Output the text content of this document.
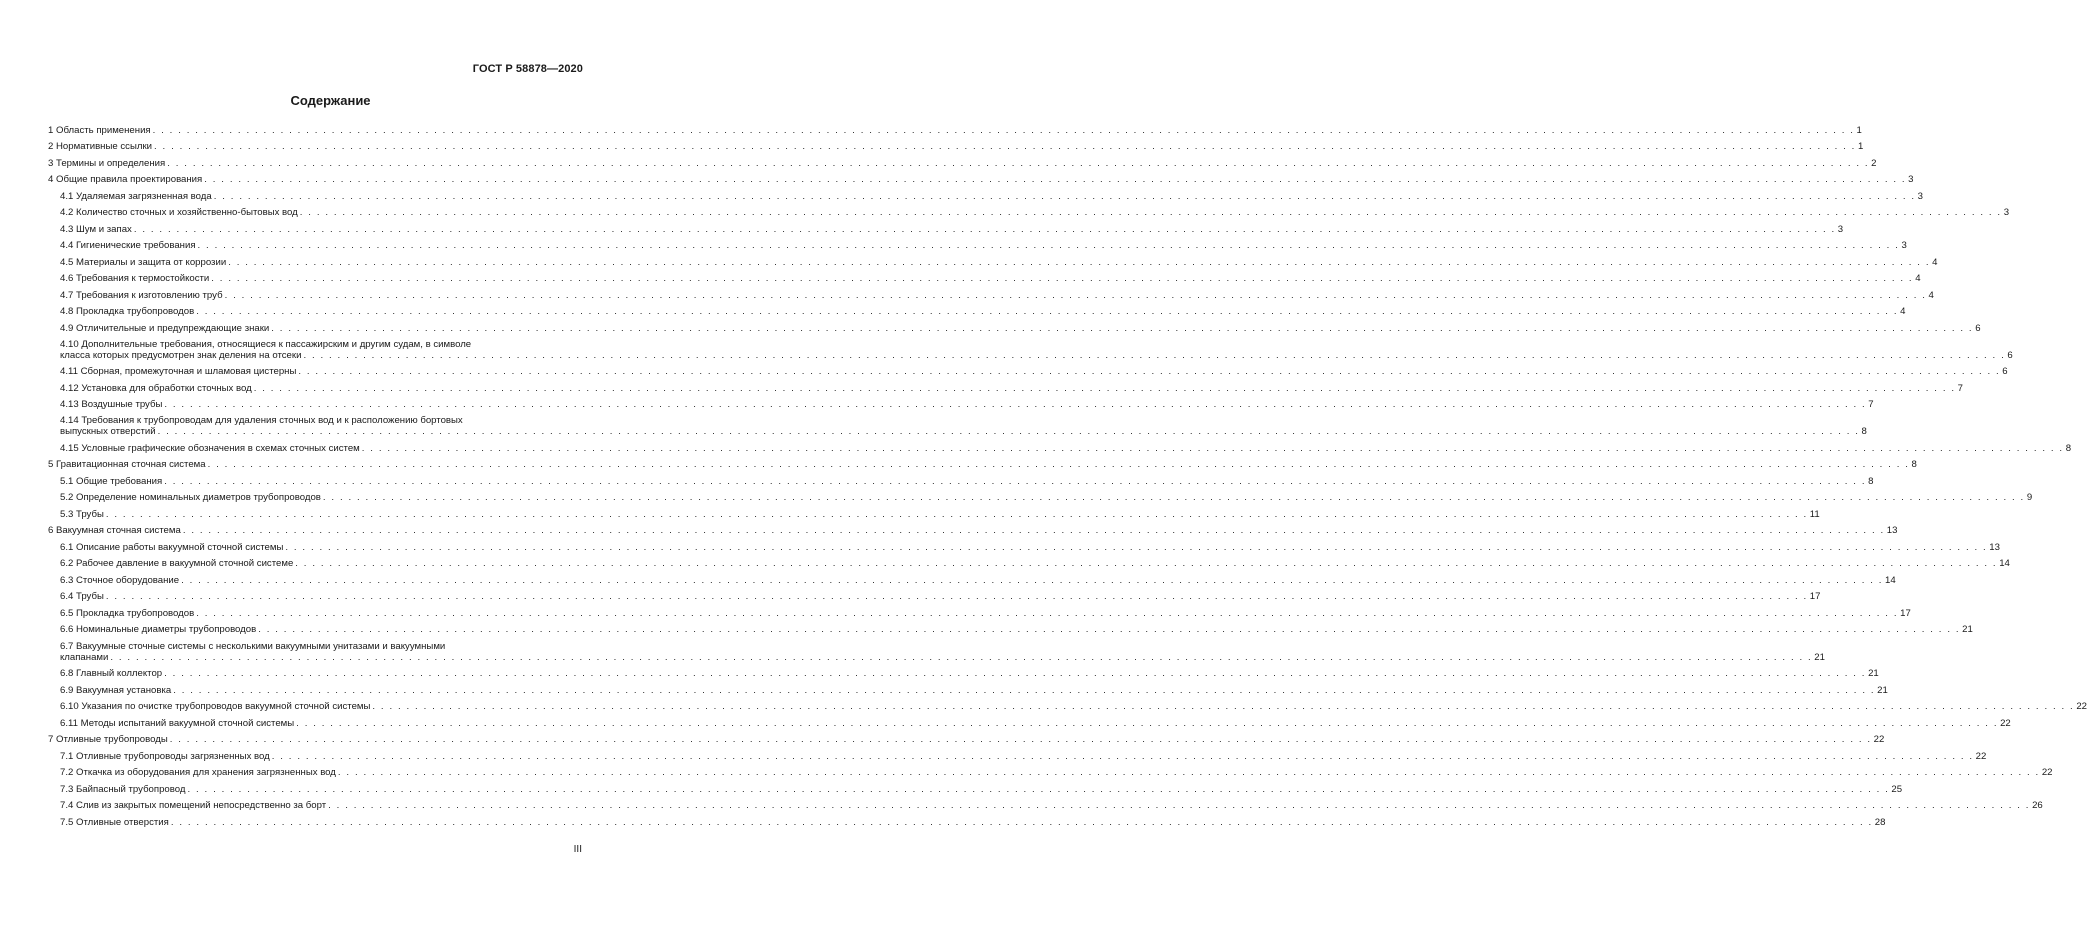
ГОСТ Р 58878—2020
Содержание
1 Область применения . . . . . . . . . . . . . . . . . . . . . . . . . . . . . . . . . . . . . . . . . . . . . . . . . . . . . . . . . . . . . . . . . . . . . . . . . . . . . . . . . . . . . . . . . . . . . . . . . . . . . . . . . . . . . . . . . . . . . . . . . . . . . . . . . . . . . . . . . . . . . . . . . . . . . . . . . . . . . . . . . . . . . . . . . . . . . . . . . . . . . . . . . . . . . . . . . . . . . . . . 1
2 Нормативные ссылки . . . . . . . . . . . . . . . . . . . . . . . . . . . . . . . . . . . . . . . . . . . . . . . . . . . . . . . . . . . . . . . . . . . . . . . . . . . . . . . . . . . . . . . . . . . . . . . . . . . . . . . . . . . . . . . . . . . . . . . . . . . . . . . . . . . . . . . . . . . . . . . . . . . . . . . . . . . . . . . . . . . . . . . . . . . . . . . . . . . . . . . . . . . . . . . . . . . . . . . . 1
3 Термины и определения . . . . . . . . . . . . . . . . . . . . . . . . . . . . . . . . . . . . . . . . . . . . . . . . . . . . . . . . . . . . . . . . . . . . . . . . . . . . . . . . . . . . . . . . . . . . . . . . . . . . . . . . . . . . . . . . . . . . . . . . . . . . . . . . . . . . . . . . . . . . . . . . . . . . . . . . . . . . . . . . . . . . . . . . . . . . . . . . . . . . . . . . . . . . . . . . . . . . . . . . 2
4 Общие правила проектирования . . . . . . . . . . . . . . . . . . . . . . . . . . . . . . . . . . . . . . . . . . . . . . . . . . . . . . . . . . . . . . . . . . . . . . . . . . . . . . . . . . . . . . . . . . . . . . . . . . . . . . . . . . . . . . . . . . . . . . . . . . . . . . . . . . . . . . . . . . . . . . . . . . . . . . . . . . . . . . . . . . . . . . . . . . . . . . . . . . . . . . . . . . . . . . . . . . . . . . . . 3
4.1 Удаляемая загрязненная вода . . . . . . . . . . . . . . . . . . . . . . . . . . . . . . . . . . . . . . . . . . . . . . . . . . . . . . . . . . . . . . . . . . . . . . . . . . . . . . . . . . . . . . . . . . . . . . . . . . . . . . . . . . . . . . . . . . . . . . . . . . . . . . . . . . . . . . . . . . . . . . . . . . . . . . . . . . . . . . . . . . . . . . . . . . . . . . . . . . . . . . . . . . . . . . . . . . . . . . . . 3
4.2 Количество сточных и хозяйственно-бытовых вод . . . . . . . . . . . . . . . . . . . . . . . . . . . . . . . . . . . . . . . . . . . . . . . . . . . . . . . . . . . . . . . . . . . . . . . . . . . . . . . . . . . . . . . . . . . . . . . . . . . . . . . . . . . . . . . . . . . . . . . . . . . . . . . . . . . . . . . . . . . . . . . . . . . . . . . . . . . . . . . . . . . . . . . . . . . . . . . . . . . . . . . . . . . . . . . . . . . . . . . . 3
4.3 Шум и запах . . . . . . . . . . . . . . . . . . . . . . . . . . . . . . . . . . . . . . . . . . . . . . . . . . . . . . . . . . . . . . . . . . . . . . . . . . . . . . . . . . . . . . . . . . . . . . . . . . . . . . . . . . . . . . . . . . . . . . . . . . . . . . . . . . . . . . . . . . . . . . . . . . . . . . . . . . . . . . . . . . . . . . . . . . . . . . . . . . . . . . . . . . . . . . . . . . . . . . . . 3
4.4 Гигиенические требования . . . . . . . . . . . . . . . . . . . . . . . . . . . . . . . . . . . . . . . . . . . . . . . . . . . . . . . . . . . . . . . . . . . . . . . . . . . . . . . . . . . . . . . . . . . . . . . . . . . . . . . . . . . . . . . . . . . . . . . . . . . . . . . . . . . . . . . . . . . . . . . . . . . . . . . . . . . . . . . . . . . . . . . . . . . . . . . . . . . . . . . . . . . . . . . . . . . . . . . . 3
4.5 Материалы и защита от коррозии . . . . . . . . . . . . . . . . . . . . . . . . . . . . . . . . . . . . . . . . . . . . . . . . . . . . . . . . . . . . . . . . . . . . . . . . . . . . . . . . . . . . . . . . . . . . . . . . . . . . . . . . . . . . . . . . . . . . . . . . . . . . . . . . . . . . . . . . . . . . . . . . . . . . . . . . . . . . . . . . . . . . . . . . . . . . . . . . . . . . . . . . . . . . . . . . . . . . . . . . 4
4.6 Требования к термостойкости . . . . . . . . . . . . . . . . . . . . . . . . . . . . . . . . . . . . . . . . . . . . . . . . . . . . . . . . . . . . . . . . . . . . . . . . . . . . . . . . . . . . . . . . . . . . . . . . . . . . . . . . . . . . . . . . . . . . . . . . . . . . . . . . . . . . . . . . . . . . . . . . . . . . . . . . . . . . . . . . . . . . . . . . . . . . . . . . . . . . . . . . . . . . . . . . . . . . . . . . 4
4.7 Требования к изготовлению труб . . . . . . . . . . . . . . . . . . . . . . . . . . . . . . . . . . . . . . . . . . . . . . . . . . . . . . . . . . . . . . . . . . . . . . . . . . . . . . . . . . . . . . . . . . . . . . . . . . . . . . . . . . . . . . . . . . . . . . . . . . . . . . . . . . . . . . . . . . . . . . . . . . . . . . . . . . . . . . . . . . . . . . . . . . . . . . . . . . . . . . . . . . . . . . . . . . . . . . . . 4
4.8 Прокладка трубопроводов . . . . . . . . . . . . . . . . . . . . . . . . . . . . . . . . . . . . . . . . . . . . . . . . . . . . . . . . . . . . . . . . . . . . . . . . . . . . . . . . . . . . . . . . . . . . . . . . . . . . . . . . . . . . . . . . . . . . . . . . . . . . . . . . . . . . . . . . . . . . . . . . . . . . . . . . . . . . . . . . . . . . . . . . . . . . . . . . . . . . . . . . . . . . . . . . . . . . . . . . 4
4.9 Отличительные и предупреждающие знаки . . . . . . . . . . . . . . . . . . . . . . . . . . . . . . . . . . . . . . . . . . . . . . . . . . . . . . . . . . . . . . . . . . . . . . . . . . . . . . . . . . . . . . . . . . . . . . . . . . . . . . . . . . . . . . . . . . . . . . . . . . . . . . . . . . . . . . . . . . . . . . . . . . . . . . . . . . . . . . . . . . . . . . . . . . . . . . . . . . . . . . . . . . . . . . . . . . . . . . . . 6
4.10 Дополнительные требования, относящиеся к пассажирским и другим судам, в символе
класса которых предусмотрен знак деления на отсеки . . . . . . . . . . . . . . . . . . . . . . . . . . . . . . . . . . . . . . . . . . . . . . . . . . . . . . . . . . . . . . . . . . . . . . . . . . . . . . . . . . . . . . . . . . . . . . . . . . . . . . . . . . . . . . . . . . . . . . . . . . . . . . . . . . . . . . . . . . . . . . . . . . . . . . . . . . . . . . . . . . . . . . . . . . . . . . . . . . . . . . . . . . . . . . . . . . . . . . . . 6
4.11 Сборная, промежуточная и шламовая цистерны . . . . . . . . . . . . . . . . . . . . . . . . . . . . . . . . . . . . . . . . . . . . . . . . . . . . . . . . . . . . . . . . . . . . . . . . . . . . . . . . . . . . . . . . . . . . . . . . . . . . . . . . . . . . . . . . . . . . . . . . . . . . . . . . . . . . . . . . . . . . . . . . . . . . . . . . . . . . . . . . . . . . . . . . . . . . . . . . . . . . . . . . . . . . . . . . . . . . . . . . 6
4.12 Установка для обработки сточных вод . . . . . . . . . . . . . . . . . . . . . . . . . . . . . . . . . . . . . . . . . . . . . . . . . . . . . . . . . . . . . . . . . . . . . . . . . . . . . . . . . . . . . . . . . . . . . . . . . . . . . . . . . . . . . . . . . . . . . . . . . . . . . . . . . . . . . . . . . . . . . . . . . . . . . . . . . . . . . . . . . . . . . . . . . . . . . . . . . . . . . . . . . . . . . . . . . . . . . . . . 7
4.13 Воздушные трубы . . . . . . . . . . . . . . . . . . . . . . . . . . . . . . . . . . . . . . . . . . . . . . . . . . . . . . . . . . . . . . . . . . . . . . . . . . . . . . . . . . . . . . . . . . . . . . . . . . . . . . . . . . . . . . . . . . . . . . . . . . . . . . . . . . . . . . . . . . . . . . . . . . . . . . . . . . . . . . . . . . . . . . . . . . . . . . . . . . . . . . . . . . . . . . . . . . . . . . . . 7
4.14 Требования к трубопроводам для удаления сточных вод и к расположению бортовых
выпускных отверстий . . . . . . . . . . . . . . . . . . . . . . . . . . . . . . . . . . . . . . . . . . . . . . . . . . . . . . . . . . . . . . . . . . . . . . . . . . . . . . . . . . . . . . . . . . . . . . . . . . . . . . . . . . . . . . . . . . . . . . . . . . . . . . . . . . . . . . . . . . . . . . . . . . . . . . . . . . . . . . . . . . . . . . . . . . . . . . . . . . . . . . . . . . . . . . . . . . . . . . . . 8
4.15 Условные графические обозначения в схемах сточных систем . . . . . . . . . . . . . . . . . . . . . . . . . . . . . . . . . . . . . . . . . . . . . . . . . . . . . . . . . . . . . . . . . . . . . . . . . . . . . . . . . . . . . . . . . . . . . . . . . . . . . . . . . . . . . . . . . . . . . . . . . . . . . . . . . . . . . . . . . . . . . . . . . . . . . . . . . . . . . . . . . . . . . . . . . . . . . . . . . . . . . . . . . . . . . . . . . . . . . . . . 8
5 Гравитационная сточная система . . . . . . . . . . . . . . . . . . . . . . . . . . . . . . . . . . . . . . . . . . . . . . . . . . . . . . . . . . . . . . . . . . . . . . . . . . . . . . . . . . . . . . . . . . . . . . . . . . . . . . . . . . . . . . . . . . . . . . . . . . . . . . . . . . . . . . . . . . . . . . . . . . . . . . . . . . . . . . . . . . . . . . . . . . . . . . . . . . . . . . . . . . . . . . . . . . . . . . . . 8
5.1 Общие требования . . . . . . . . . . . . . . . . . . . . . . . . . . . . . . . . . . . . . . . . . . . . . . . . . . . . . . . . . . . . . . . . . . . . . . . . . . . . . . . . . . . . . . . . . . . . . . . . . . . . . . . . . . . . . . . . . . . . . . . . . . . . . . . . . . . . . . . . . . . . . . . . . . . . . . . . . . . . . . . . . . . . . . . . . . . . . . . . . . . . . . . . . . . . . . . . . . . . . . . . 8
5.2 Определение номинальных диаметров трубопроводов . . . . . . . . . . . . . . . . . . . . . . . . . . . . . . . . . . . . . . . . . . . . . . . . . . . . . . . . . . . . . . . . . . . . . . . . . . . . . . . . . . . . . . . . . . . . . . . . . . . . . . . . . . . . . . . . . . . . . . . . . . . . . . . . . . . . . . . . . . . . . . . . . . . . . . . . . . . . . . . . . . . . . . . . . . . . . . . . . . . . . . . . . . . . . . . . . . . . . . . . 9
5.3 Трубы . . . . . . . . . . . . . . . . . . . . . . . . . . . . . . . . . . . . . . . . . . . . . . . . . . . . . . . . . . . . . . . . . . . . . . . . . . . . . . . . . . . . . . . . . . . . . . . . . . . . . . . . . . . . . . . . . . . . . . . . . . . . . . . . . . . . . . . . . . . . . . . . . . . . . . . . . . . . . . . . . . . . . . . . . . . . . . . . . . . . . . . . . . . . . . . . . . . . . . . . 11
6 Вакуумная сточная система . . . . . . . . . . . . . . . . . . . . . . . . . . . . . . . . . . . . . . . . . . . . . . . . . . . . . . . . . . . . . . . . . . . . . . . . . . . . . . . . . . . . . . . . . . . . . . . . . . . . . . . . . . . . . . . . . . . . . . . . . . . . . . . . . . . . . . . . . . . . . . . . . . . . . . . . . . . . . . . . . . . . . . . . . . . . . . . . . . . . . . . . . . . . . . . . . . . . . . . . 13
6.1 Описание работы вакуумной сточной системы . . . . . . . . . . . . . . . . . . . . . . . . . . . . . . . . . . . . . . . . . . . . . . . . . . . . . . . . . . . . . . . . . . . . . . . . . . . . . . . . . . . . . . . . . . . . . . . . . . . . . . . . . . . . . . . . . . . . . . . . . . . . . . . . . . . . . . . . . . . . . . . . . . . . . . . . . . . . . . . . . . . . . . . . . . . . . . . . . . . . . . . . . . . . . . . . . . . . . . . . 13
6.2 Рабочее давление в вакуумной сточной системе . . . . . . . . . . . . . . . . . . . . . . . . . . . . . . . . . . . . . . . . . . . . . . . . . . . . . . . . . . . . . . . . . . . . . . . . . . . . . . . . . . . . . . . . . . . . . . . . . . . . . . . . . . . . . . . . . . . . . . . . . . . . . . . . . . . . . . . . . . . . . . . . . . . . . . . . . . . . . . . . . . . . . . . . . . . . . . . . . . . . . . . . . . . . . . . . . . . . . . . . 14
6.3 Сточное оборудование . . . . . . . . . . . . . . . . . . . . . . . . . . . . . . . . . . . . . . . . . . . . . . . . . . . . . . . . . . . . . . . . . . . . . . . . . . . . . . . . . . . . . . . . . . . . . . . . . . . . . . . . . . . . . . . . . . . . . . . . . . . . . . . . . . . . . . . . . . . . . . . . . . . . . . . . . . . . . . . . . . . . . . . . . . . . . . . . . . . . . . . . . . . . . . . . . . . . . . . . 14
6.4 Трубы . . . . . . . . . . . . . . . . . . . . . . . . . . . . . . . . . . . . . . . . . . . . . . . . . . . . . . . . . . . . . . . . . . . . . . . . . . . . . . . . . . . . . . . . . . . . . . . . . . . . . . . . . . . . . . . . . . . . . . . . . . . . . . . . . . . . . . . . . . . . . . . . . . . . . . . . . . . . . . . . . . . . . . . . . . . . . . . . . . . . . . . . . . . . . . . . . . . . . . . . 17
6.5 Прокладка трубопроводов . . . . . . . . . . . . . . . . . . . . . . . . . . . . . . . . . . . . . . . . . . . . . . . . . . . . . . . . . . . . . . . . . . . . . . . . . . . . . . . . . . . . . . . . . . . . . . . . . . . . . . . . . . . . . . . . . . . . . . . . . . . . . . . . . . . . . . . . . . . . . . . . . . . . . . . . . . . . . . . . . . . . . . . . . . . . . . . . . . . . . . . . . . . . . . . . . . . . . . . . 17
6.6 Номинальные диаметры трубопроводов . . . . . . . . . . . . . . . . . . . . . . . . . . . . . . . . . . . . . . . . . . . . . . . . . . . . . . . . . . . . . . . . . . . . . . . . . . . . . . . . . . . . . . . . . . . . . . . . . . . . . . . . . . . . . . . . . . . . . . . . . . . . . . . . . . . . . . . . . . . . . . . . . . . . . . . . . . . . . . . . . . . . . . . . . . . . . . . . . . . . . . . . . . . . . . . . . . . . . . . . 21
6.7 Вакуумные сточные системы с несколькими вакуумными унитазами и вакуумными
клапанами . . . . . . . . . . . . . . . . . . . . . . . . . . . . . . . . . . . . . . . . . . . . . . . . . . . . . . . . . . . . . . . . . . . . . . . . . . . . . . . . . . . . . . . . . . . . . . . . . . . . . . . . . . . . . . . . . . . . . . . . . . . . . . . . . . . . . . . . . . . . . . . . . . . . . . . . . . . . . . . . . . . . . . . . . . . . . . . . . . . . . . . . . . . . . . . . . . . . . . . . 21
6.8 Главный коллектор . . . . . . . . . . . . . . . . . . . . . . . . . . . . . . . . . . . . . . . . . . . . . . . . . . . . . . . . . . . . . . . . . . . . . . . . . . . . . . . . . . . . . . . . . . . . . . . . . . . . . . . . . . . . . . . . . . . . . . . . . . . . . . . . . . . . . . . . . . . . . . . . . . . . . . . . . . . . . . . . . . . . . . . . . . . . . . . . . . . . . . . . . . . . . . . . . . . . . . . . 21
6.9 Вакуумная установка . . . . . . . . . . . . . . . . . . . . . . . . . . . . . . . . . . . . . . . . . . . . . . . . . . . . . . . . . . . . . . . . . . . . . . . . . . . . . . . . . . . . . . . . . . . . . . . . . . . . . . . . . . . . . . . . . . . . . . . . . . . . . . . . . . . . . . . . . . . . . . . . . . . . . . . . . . . . . . . . . . . . . . . . . . . . . . . . . . . . . . . . . . . . . . . . . . . . . . . . 21
6.10 Указания по очистке трубопроводов вакуумной сточной системы . . . . . . . . . . . . . . . . . . . . . . . . . . . . . . . . . . . . . . . . . . . . . . . . . . . . . . . . . . . . . . . . . . . . . . . . . . . . . . . . . . . . . . . . . . . . . . . . . . . . . . . . . . . . . . . . . . . . . . . . . . . . . . . . . . . . . . . . . . . . . . . . . . . . . . . . . . . . . . . . . . . . . . . . . . . . . . . . . . . . . . . . . . . . . . . . . . . . . . . . 22
6.11 Методы испытаний вакуумной сточной системы . . . . . . . . . . . . . . . . . . . . . . . . . . . . . . . . . . . . . . . . . . . . . . . . . . . . . . . . . . . . . . . . . . . . . . . . . . . . . . . . . . . . . . . . . . . . . . . . . . . . . . . . . . . . . . . . . . . . . . . . . . . . . . . . . . . . . . . . . . . . . . . . . . . . . . . . . . . . . . . . . . . . . . . . . . . . . . . . . . . . . . . . . . . . . . . . . . . . . . . . 22
7 Отливные трубопроводы . . . . . . . . . . . . . . . . . . . . . . . . . . . . . . . . . . . . . . . . . . . . . . . . . . . . . . . . . . . . . . . . . . . . . . . . . . . . . . . . . . . . . . . . . . . . . . . . . . . . . . . . . . . . . . . . . . . . . . . . . . . . . . . . . . . . . . . . . . . . . . . . . . . . . . . . . . . . . . . . . . . . . . . . . . . . . . . . . . . . . . . . . . . . . . . . . . . . . . . . 22
7.1 Отливные трубопроводы загрязненных вод . . . . . . . . . . . . . . . . . . . . . . . . . . . . . . . . . . . . . . . . . . . . . . . . . . . . . . . . . . . . . . . . . . . . . . . . . . . . . . . . . . . . . . . . . . . . . . . . . . . . . . . . . . . . . . . . . . . . . . . . . . . . . . . . . . . . . . . . . . . . . . . . . . . . . . . . . . . . . . . . . . . . . . . . . . . . . . . . . . . . . . . . . . . . . . . . . . . . . . . . 22
7.2 Откачка из оборудования для хранения загрязненных вод . . . . . . . . . . . . . . . . . . . . . . . . . . . . . . . . . . . . . . . . . . . . . . . . . . . . . . . . . . . . . . . . . . . . . . . . . . . . . . . . . . . . . . . . . . . . . . . . . . . . . . . . . . . . . . . . . . . . . . . . . . . . . . . . . . . . . . . . . . . . . . . . . . . . . . . . . . . . . . . . . . . . . . . . . . . . . . . . . . . . . . . . . . . . . . . . . . . . . . . . 22
7.3 Байпасный трубопровод . . . . . . . . . . . . . . . . . . . . . . . . . . . . . . . . . . . . . . . . . . . . . . . . . . . . . . . . . . . . . . . . . . . . . . . . . . . . . . . . . . . . . . . . . . . . . . . . . . . . . . . . . . . . . . . . . . . . . . . . . . . . . . . . . . . . . . . . . . . . . . . . . . . . . . . . . . . . . . . . . . . . . . . . . . . . . . . . . . . . . . . . . . . . . . . . . . . . . . . . 25
7.4 Слив из закрытых помещений непосредственно за борт . . . . . . . . . . . . . . . . . . . . . . . . . . . . . . . . . . . . . . . . . . . . . . . . . . . . . . . . . . . . . . . . . . . . . . . . . . . . . . . . . . . . . . . . . . . . . . . . . . . . . . . . . . . . . . . . . . . . . . . . . . . . . . . . . . . . . . . . . . . . . . . . . . . . . . . . . . . . . . . . . . . . . . . . . . . . . . . . . . . . . . . . . . . . . . . . . . . . . . . . 26
7.5 Отливные отверстия . . . . . . . . . . . . . . . . . . . . . . . . . . . . . . . . . . . . . . . . . . . . . . . . . . . . . . . . . . . . . . . . . . . . . . . . . . . . . . . . . . . . . . . . . . . . . . . . . . . . . . . . . . . . . . . . . . . . . . . . . . . . . . . . . . . . . . . . . . . . . . . . . . . . . . . . . . . . . . . . . . . . . . . . . . . . . . . . . . . . . . . . . . . . . . . . . . . . . . . . 28
III
